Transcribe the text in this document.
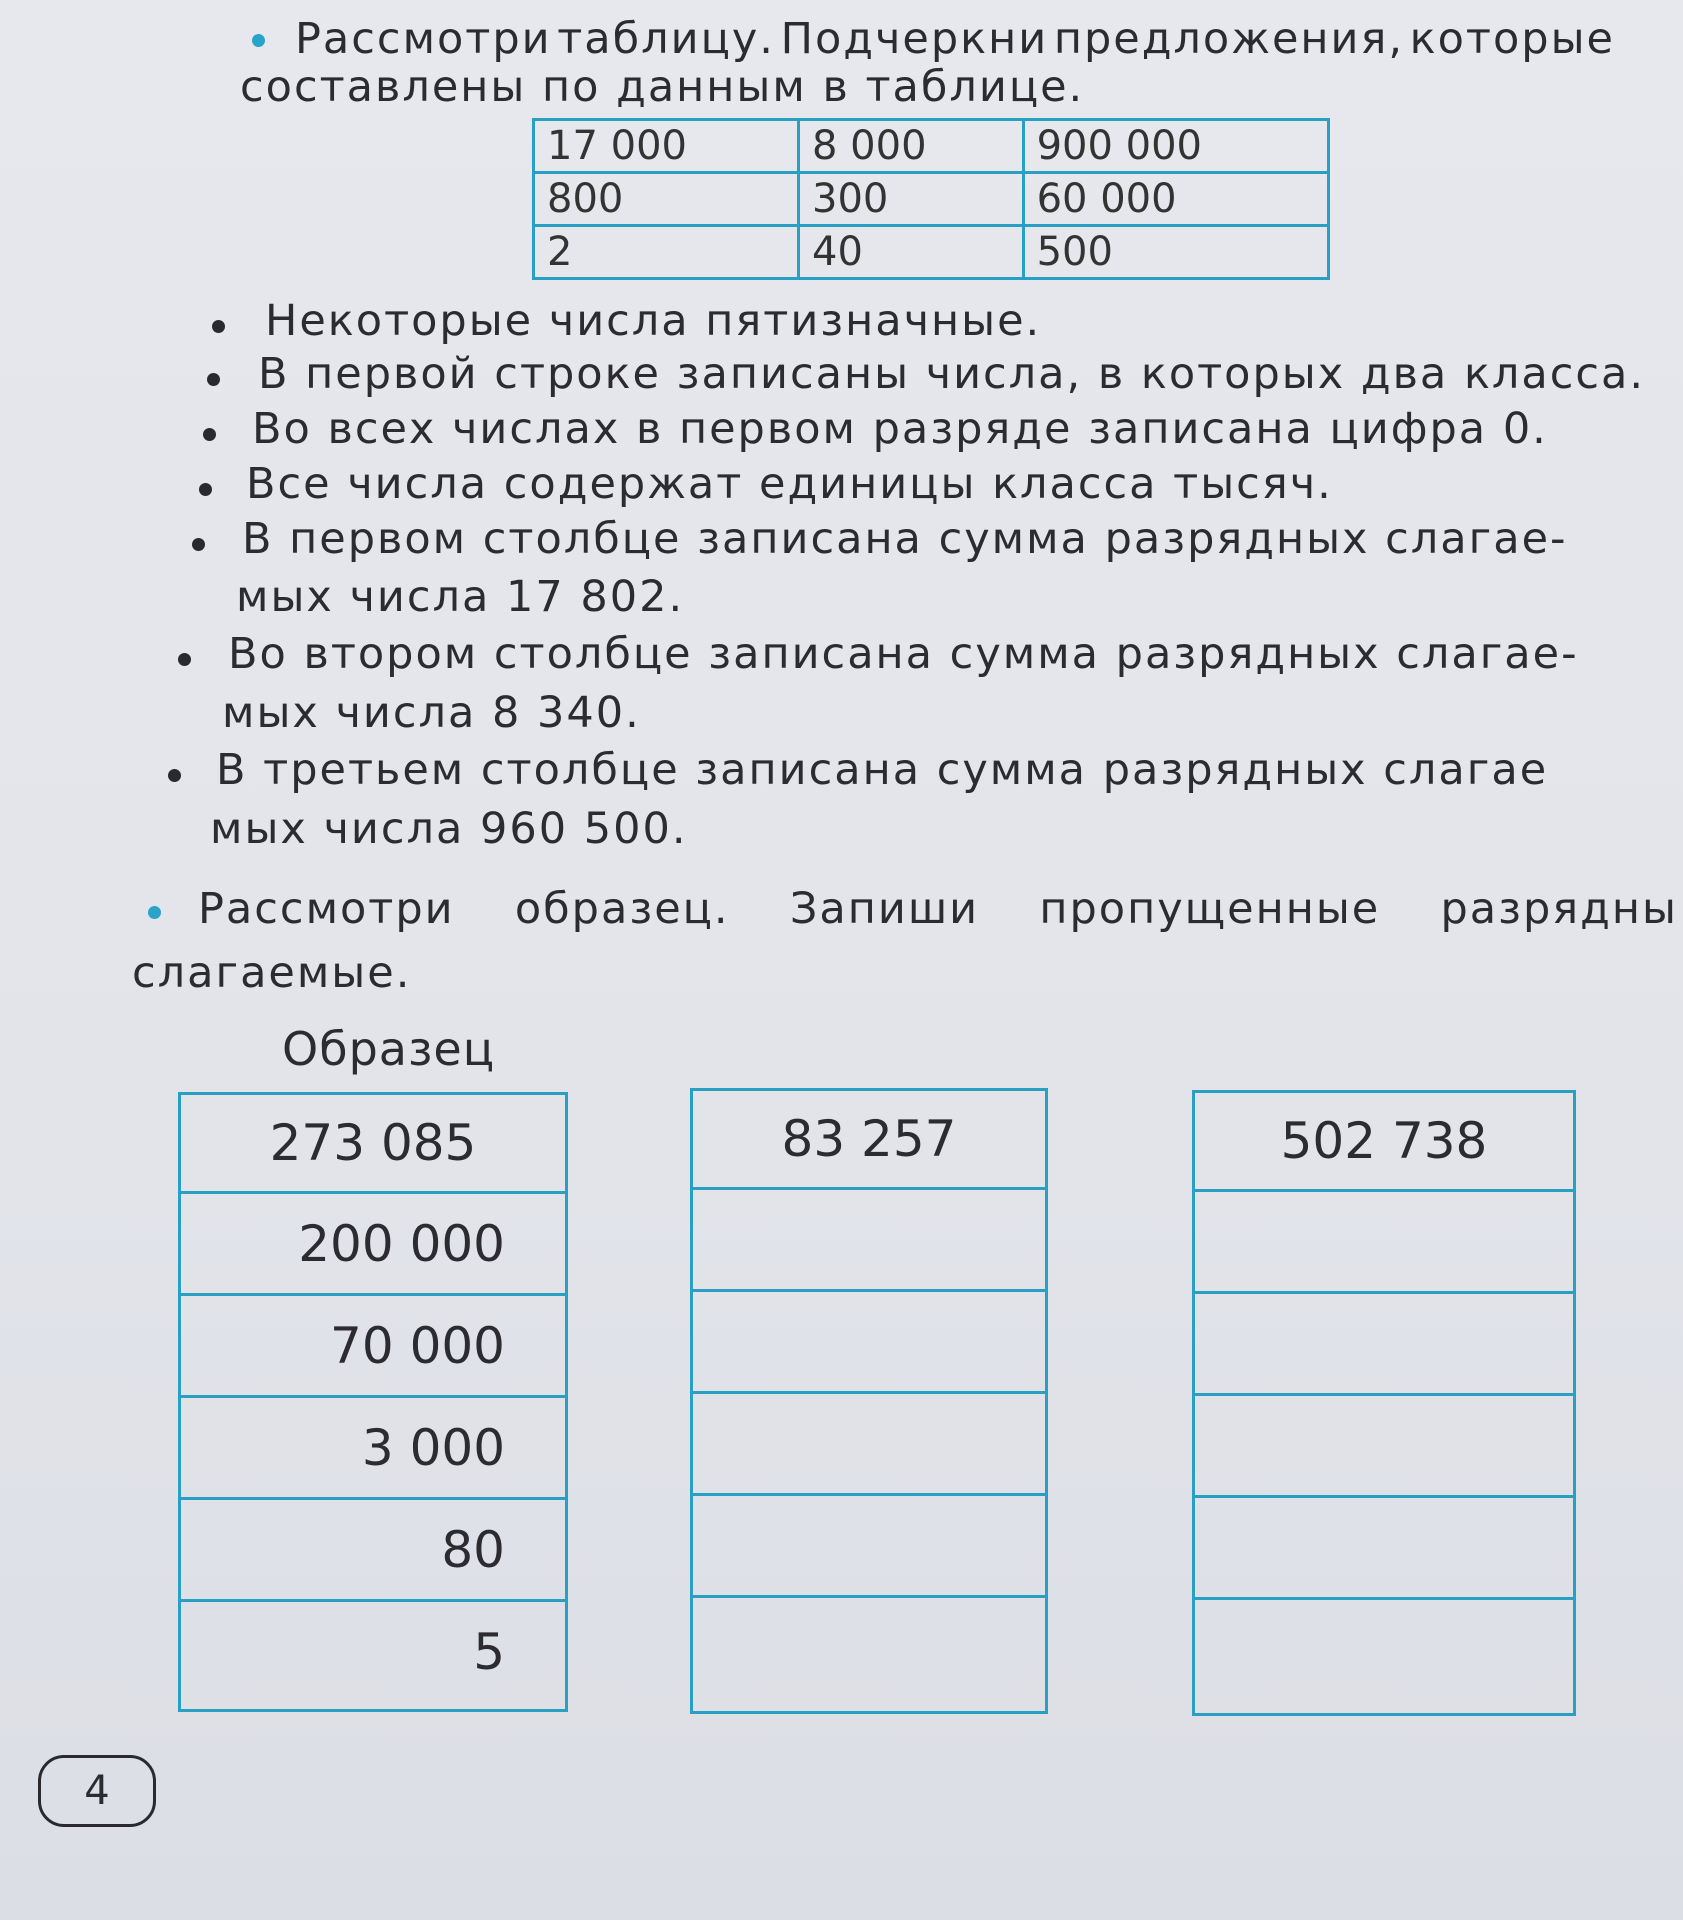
Рассмотри таблицу. Подчеркни предложения, которые
составлены по данным в таблице.
17 000	8 000	900 000
800	300	60 000
2	40	500
Некоторые числа пятизначные.
В первой строке записаны числа, в которых два класса.
Во всех числах в первом разряде записана цифра 0.
Все числа содержат единицы класса тысяч.
В первом столбце записана сумма разрядных слагае-
мых числа 17 802.
Во втором столбце записана сумма разрядных слагае-
мых числа 8 340.
В третьем столбце записана сумма разрядных слагае
мых числа 960 500.
Рассмотри образец. Запиши пропущенные разрядны
слагаемые.
Образец
273 085
200 000
70 000
3 000
80
5
83 257	502 738
4
